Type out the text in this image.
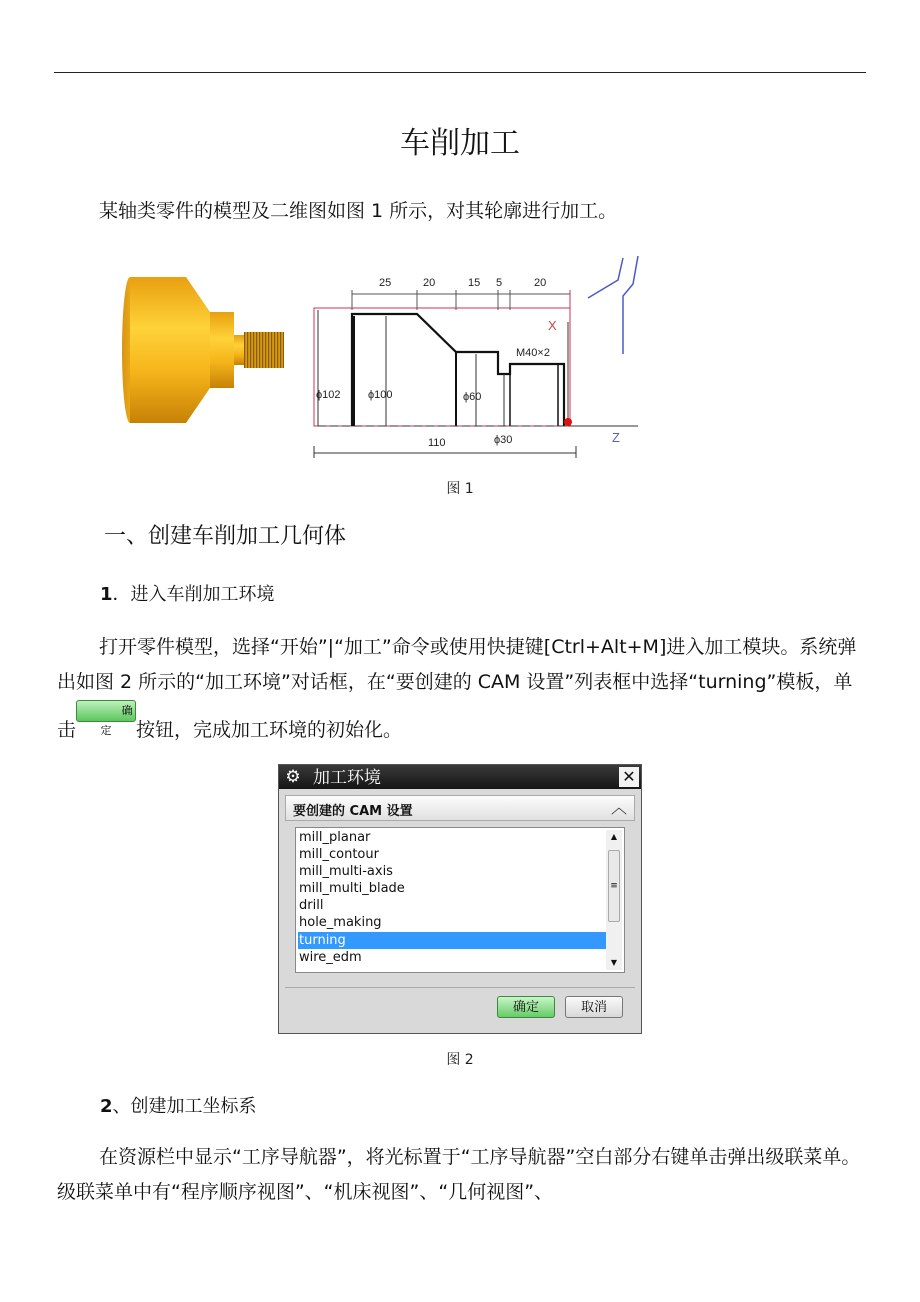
车削加工

某轴类零件的模型及二维图如图 1 所示，对其轮廓进行加工。

25	20	15 5	20
M40×2
ϕ102 ϕ100	ϕ60
ϕ30
110
X
Z
图 1
一、创建车削加工几何体
1．进入车削加工环境

打开零件模型，选择“开始”|“加工”命令或使用快捷键[Ctrl+Alt+M]进入加工模块。系统弹出如图 2 所示的“加工环境”对话框，在“要创建的 CAM 设置”列表框中选择“turning”模板，单击确定 按钮，完成加工环境的初始化。

⚙ 加工环境	✕
要创建的 CAM 设置	︿
mill_planar
mill_contour
mill_multi-axis
mill_multi_blade
drill
hole_making
turning
wire_edm
▲
≡
▼
确定	取消
图 2
2、创建加工坐标系

在资源栏中显示“工序导航器”，将光标置于“工序导航器”空白部分右键单击弹出级联菜单。级联菜单中有“程序顺序视图”、“机床视图”、“几何视图”、
